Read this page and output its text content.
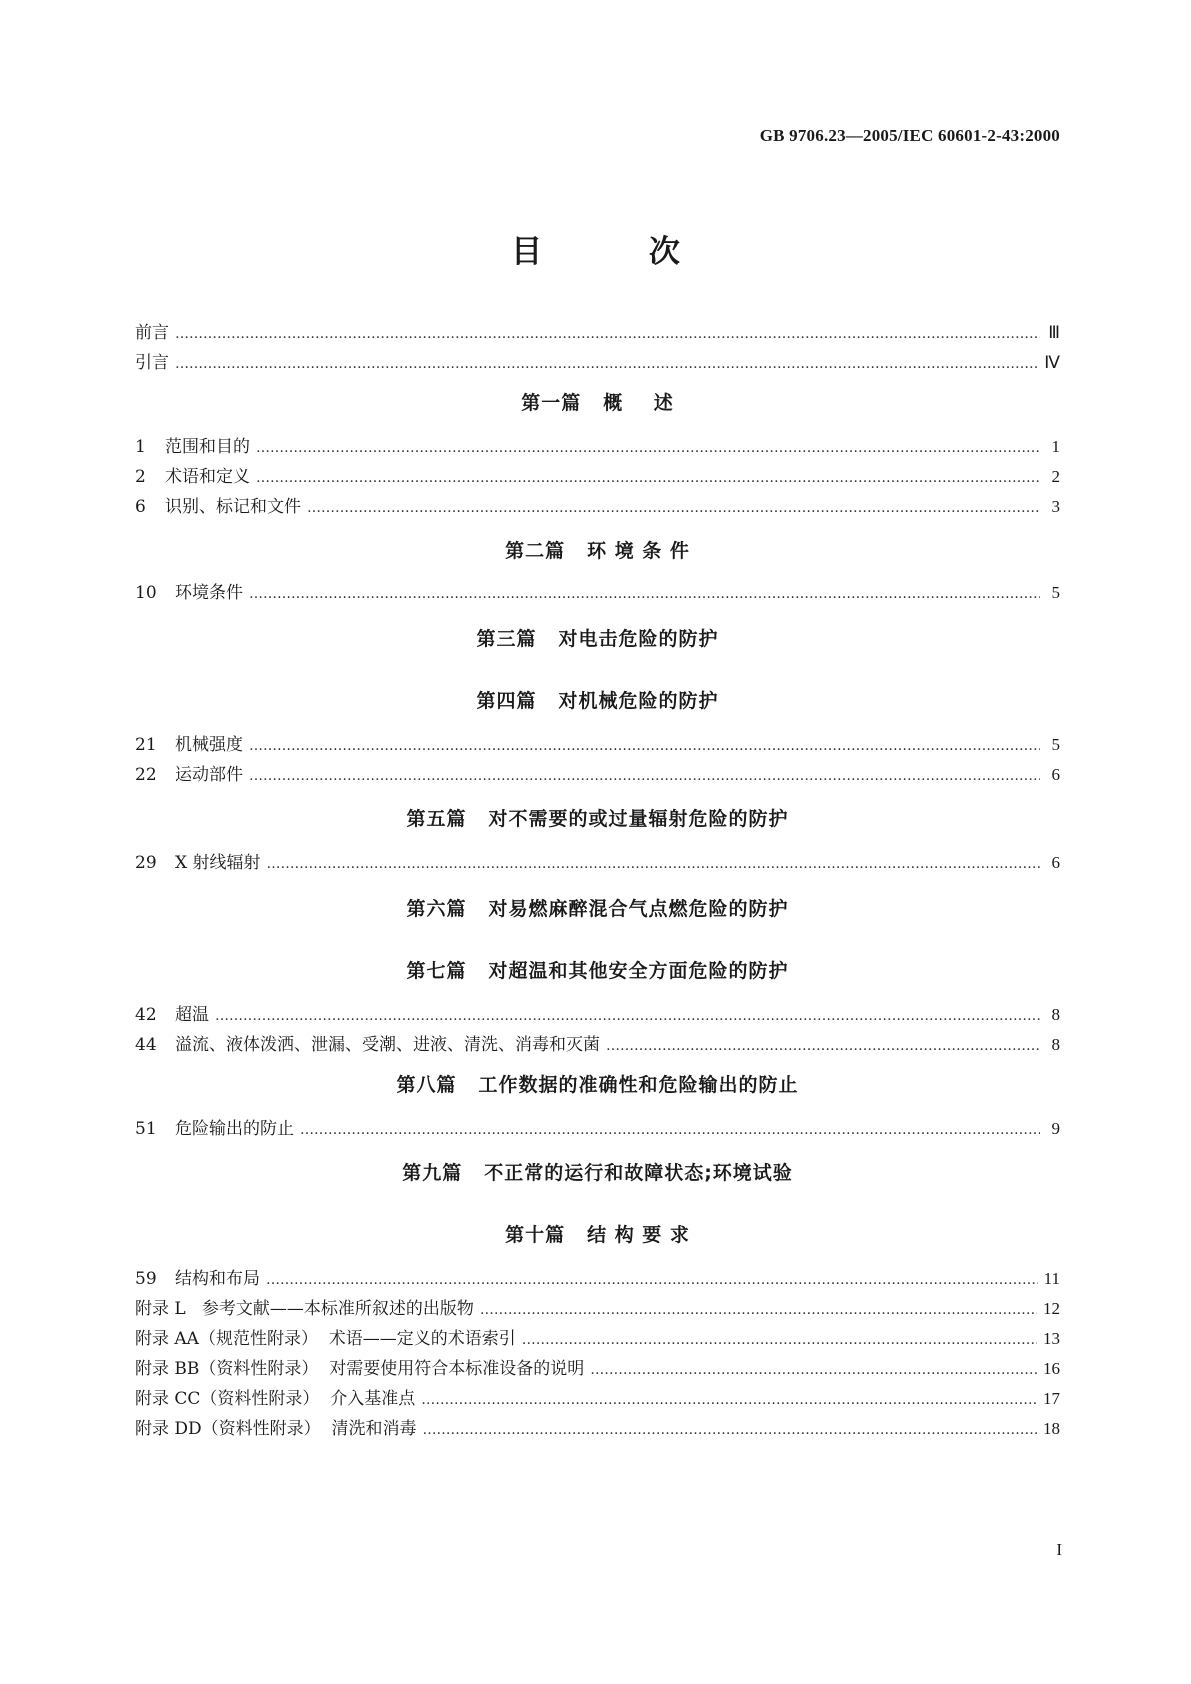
GB 9706.23—2005/IEC 60601-2-43:2000
目 次
前言 ………………………………………………………………………………………………………………………………………………………………………………………………………………………………	Ⅲ
引言 ………………………………………………………………………………………………………………………………………………………………………………………………………………………………	Ⅳ
第一篇 概    述
1	范围和目的 ………………………………………………………………………………………………………………………………………………………………………………………………………………………………	1
2	术语和定义 ………………………………………………………………………………………………………………………………………………………………………………………………………………………………	2
6	识别、标记和文件 ………………………………………………………………………………………………………………………………………………………………………………………………………………………………	3
第二篇 环 境 条 件
10	环境条件 ………………………………………………………………………………………………………………………………………………………………………………………………………………………………	5
第三篇 对电击危险的防护
第四篇 对机械危险的防护
21	机械强度 ………………………………………………………………………………………………………………………………………………………………………………………………………………………………	5
22	运动部件 ………………………………………………………………………………………………………………………………………………………………………………………………………………………………	6
第五篇 对不需要的或过量辐射危险的防护
29	X 射线辐射 ………………………………………………………………………………………………………………………………………………………………………………………………………………………………	6
第六篇 对易燃麻醉混合气点燃危险的防护
第七篇 对超温和其他安全方面危险的防护
42	超温 ………………………………………………………………………………………………………………………………………………………………………………………………………………………………	8
44	溢流、液体泼洒、泄漏、受潮、进液、清洗、消毒和灭菌 ………………………………………………………………………………………………………………………………………………………………………………………………………………………………	8
第八篇 工作数据的准确性和危险输出的防止
51	危险输出的防止 ………………………………………………………………………………………………………………………………………………………………………………………………………………………………	9
第九篇 不正常的运行和故障状态;环境试验
第十篇 结 构 要 求
59	结构和布局 ………………………………………………………………………………………………………………………………………………………………………………………………………………………………	11
附录 L   参考文献——本标准所叙述的出版物 ………………………………………………………………………………………………………………………………………………………………………………………………………………………………	12
附录 AA（规范性附录）  术语——定义的术语索引 ………………………………………………………………………………………………………………………………………………………………………………………………………………………………	13
附录 BB（资料性附录）  对需要使用符合本标准设备的说明 ………………………………………………………………………………………………………………………………………………………………………………………………………………………………	16
附录 CC（资料性附录）  介入基准点 ………………………………………………………………………………………………………………………………………………………………………………………………………………………………	17
附录 DD（资料性附录）  清洗和消毒 ………………………………………………………………………………………………………………………………………………………………………………………………………………………………	18
I
